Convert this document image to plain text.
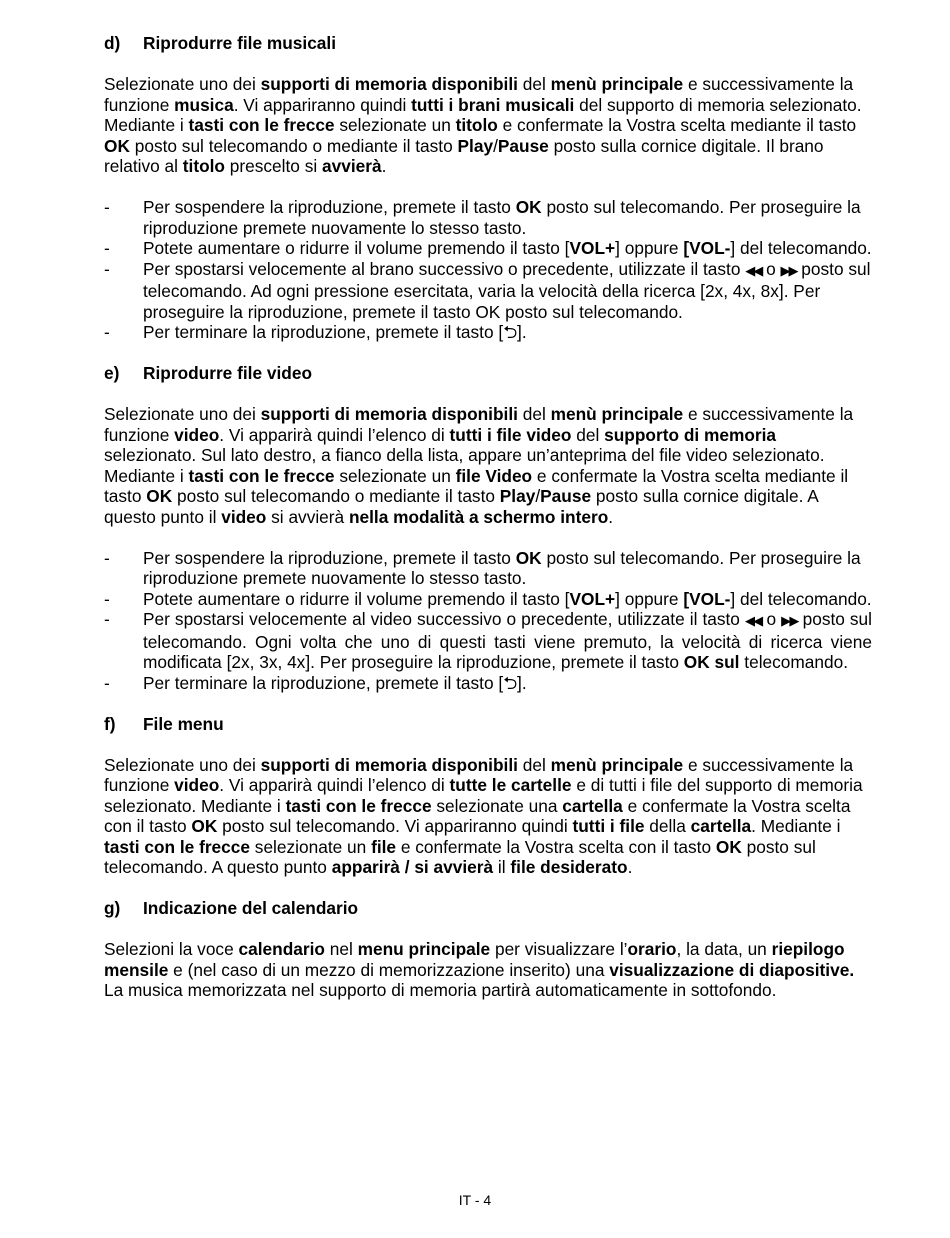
d)	Riprodurre file musicali

Selezionate uno dei supporti di memoria disponibili del menù principale e successivamente la funzione musica. Vi appariranno quindi tutti i brani musicali del supporto di memoria selezionato. Mediante i tasti con le frecce selezionate un titolo e confermate la Vostra scelta mediante il tasto OK posto sul telecomando o mediante il tasto Play/Pause posto sulla cornice digitale. Il brano relativo al titolo prescelto si avvierà.

-	Per sospendere la riproduzione, premete il tasto OK posto sul telecomando. Per proseguire la riproduzione premete nuovamente lo stesso tasto.
-	Potete aumentare o ridurre il volume premendo il tasto [VOL+] oppure [VOL-] del telecomando.
-	Per spostarsi velocemente al brano successivo o precedente, utilizzate il tasto ◀◀ o ▶▶ posto sul telecomando. Ad ogni pressione esercitata, varia la velocità della ricerca [2x, 4x, 8x]. Per proseguire la riproduzione, premete il tasto OK posto sul telecomando.
-	Per terminare la riproduzione, premete il tasto [⮌].
e)	Riprodurre file video

Selezionate uno dei supporti di memoria disponibili del menù principale e successivamente la funzione video. Vi apparirà quindi l’elenco di tutti i file video del supporto di memoria selezionato. Sul lato destro, a fianco della lista, appare un’anteprima del file video selezionato. Mediante i tasti con le frecce selezionate un file Video e confermate la Vostra scelta mediante il tasto OK posto sul telecomando o mediante il tasto Play/Pause posto sulla cornice digitale. A questo punto il video si avvierà nella modalità a schermo intero.

-	Per sospendere la riproduzione, premete il tasto OK posto sul telecomando. Per proseguire la riproduzione premete nuovamente lo stesso tasto.
-	Potete aumentare o ridurre il volume premendo il tasto [VOL+] oppure [VOL-] del telecomando.
-	Per spostarsi velocemente al video successivo o precedente, utilizzate il tasto ◀◀ o ▶▶ posto sul telecomando. Ogni volta che uno di questi tasti viene premuto, la velocità di ricerca viene modificata [2x, 3x, 4x]. Per proseguire la riproduzione, premete il tasto OK sul telecomando.
-	Per terminare la riproduzione, premete il tasto [⮌].
f)	File menu

Selezionate uno dei supporti di memoria disponibili del menù principale e successivamente la funzione video. Vi apparirà quindi l’elenco di tutte le cartelle e di tutti i file del supporto di memoria selezionato. Mediante i tasti con le frecce selezionate una cartella e confermate la Vostra scelta con il tasto OK posto sul telecomando. Vi appariranno quindi tutti i file della cartella. Mediante i tasti con le frecce selezionate un file e confermate la Vostra scelta con il tasto OK posto sul telecomando. A questo punto apparirà / si avvierà il file desiderato.

g)	Indicazione del calendario

Selezioni la voce calendario nel menu principale per visualizzare l’orario, la data, un riepilogo mensile e (nel caso di un mezzo di memorizzazione inserito) una visualizzazione di diapositive. La musica memorizzata nel supporto di memoria partirà automaticamente in sottofondo.

IT - 4
